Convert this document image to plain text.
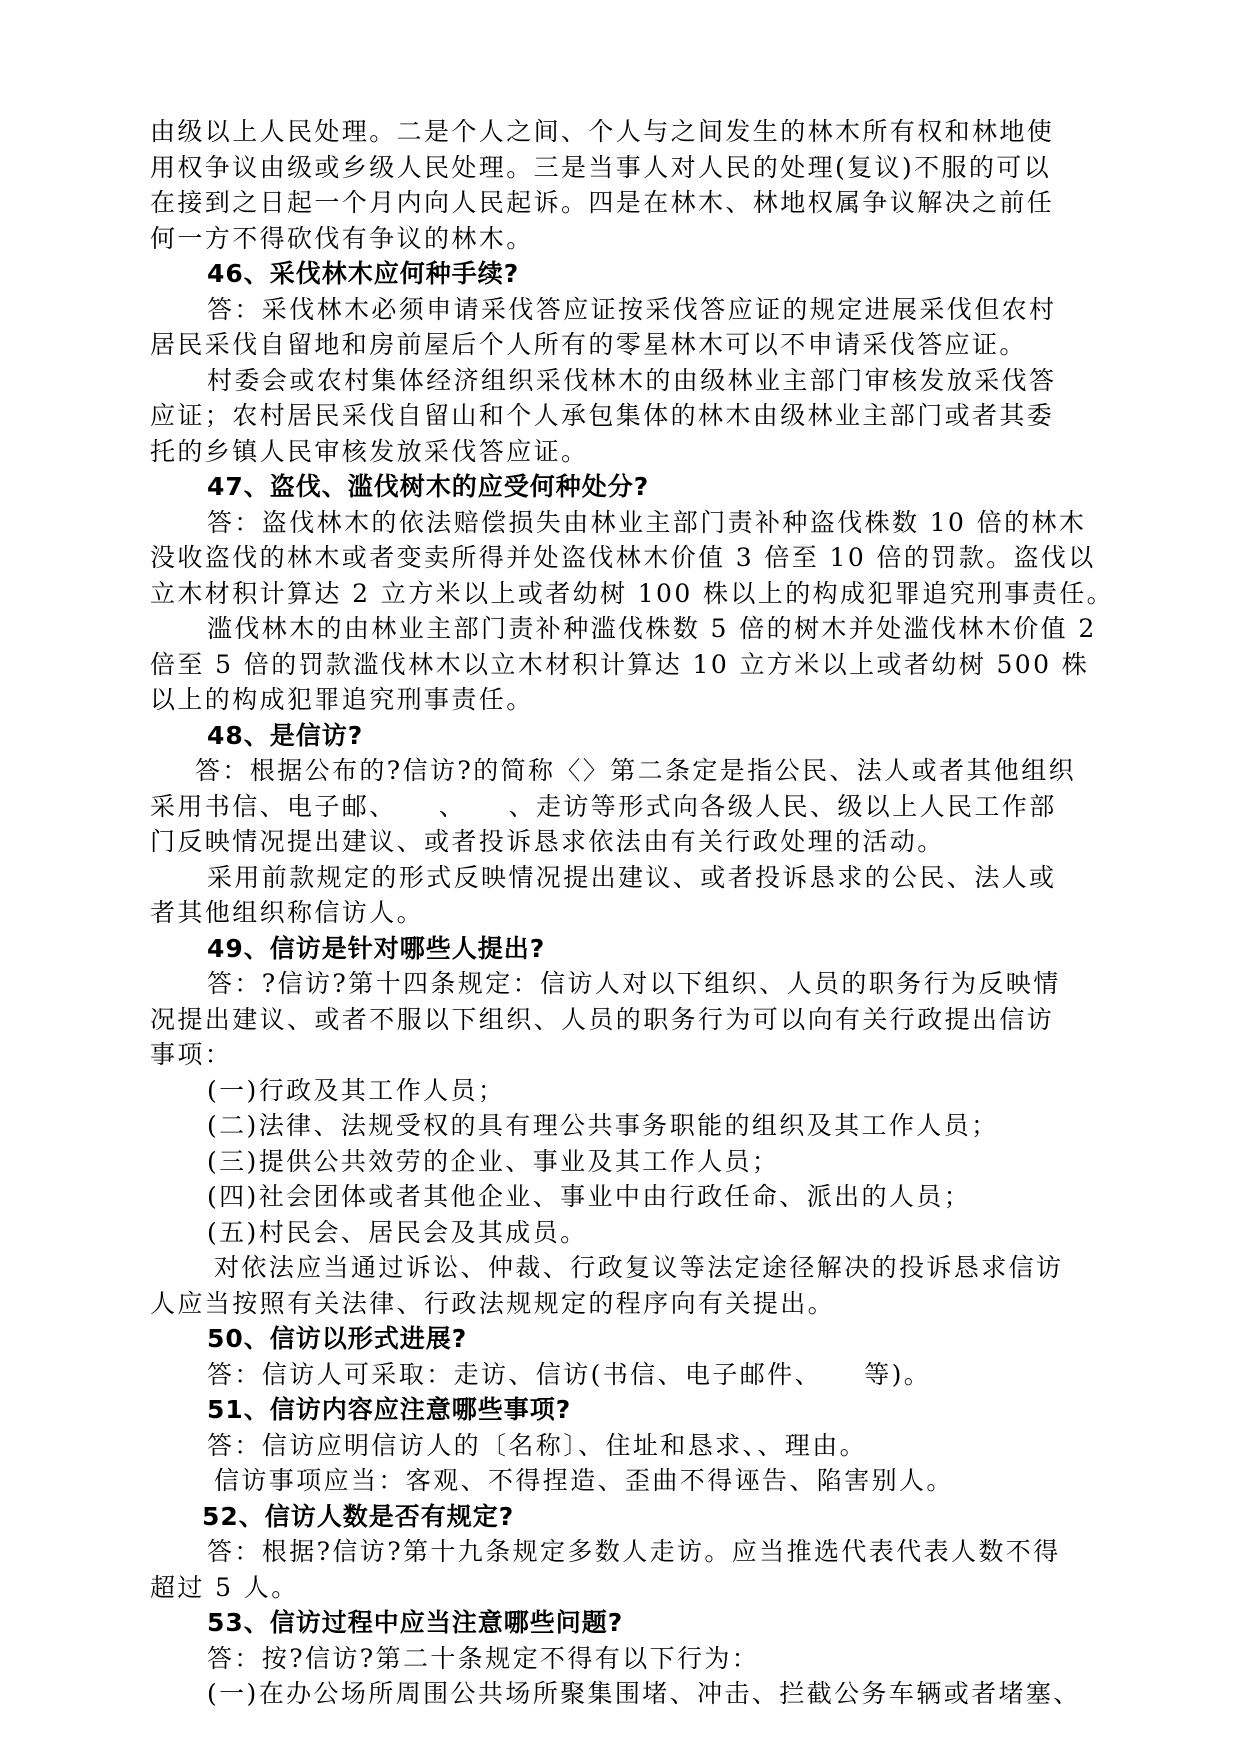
由级以上人民处理。二是个人之间、个人与之间发生的林木所有权和林地使
用权争议由级或乡级人民处理。三是当事人对人民的处理(复议)不服的可以
在接到之日起一个月内向人民起诉。四是在林木、林地权属争议解决之前任
何一方不得砍伐有争议的林木。
46、采伐林木应何种手续?
答：采伐林木必须申请采伐答应证按采伐答应证的规定进展采伐但农村
居民采伐自留地和房前屋后个人所有的零星林木可以不申请采伐答应证。
村委会或农村集体经济组织采伐林木的由级林业主部门审核发放采伐答
应证；农村居民采伐自留山和个人承包集体的林木由级林业主部门或者其委
托的乡镇人民审核发放采伐答应证。
47、盗伐、滥伐树木的应受何种处分?
答：盗伐林木的依法赔偿损失由林业主部门责补种盗伐株数 10 倍的林木
没收盗伐的林木或者变卖所得并处盗伐林木价值 3 倍至 10 倍的罚款。盗伐以
立木材积计算达 2 立方米以上或者幼树 100 株以上的构成犯罪追究刑事责任。
滥伐林木的由林业主部门责补种滥伐株数 5 倍的树木并处滥伐林木价值 2
倍至 5 倍的罚款滥伐林木以立木材积计算达 10 立方米以上或者幼树 500 株
以上的构成犯罪追究刑事责任。
48、是信访?
答：根据公布的?信访?的简称〈〉第二条定是指公民、法人或者其他组织
采用书信、电子邮、　　、　　、走访等形式向各级人民、级以上人民工作部
门反映情况提出建议、或者投诉恳求依法由有关行政处理的活动。
采用前款规定的形式反映情况提出建议、或者投诉恳求的公民、法人或
者其他组织称信访人。
49、信访是针对哪些人提出?
答：?信访?第十四条规定：信访人对以下组织、人员的职务行为反映情
况提出建议、或者不服以下组织、人员的职务行为可以向有关行政提出信访
事项：
(一)行政及其工作人员；
(二)法律、法规受权的具有理公共事务职能的组织及其工作人员；
(三)提供公共效劳的企业、事业及其工作人员；
(四)社会团体或者其他企业、事业中由行政任命、派出的人员；
(五)村民会、居民会及其成员。
对依法应当通过诉讼、仲裁、行政复议等法定途径解决的投诉恳求信访
人应当按照有关法律、行政法规规定的程序向有关提出。
50、信访以形式进展?
答：信访人可采取：走访、信访(书信、电子邮件、　　等)。
51、信访内容应注意哪些事项?
答：信访应明信访人的〔名称〕、住址和恳求、、理由。
信访事项应当：客观、不得捏造、歪曲不得诬告、陷害别人。
52、信访人数是否有规定?
答：根据?信访?第十九条规定多数人走访。应当推选代表代表人数不得
超过 5 人。
53、信访过程中应当注意哪些问题?
答：按?信访?第二十条规定不得有以下行为：
(一)在办公场所周围公共场所聚集围堵、冲击、拦截公务车辆或者堵塞、
